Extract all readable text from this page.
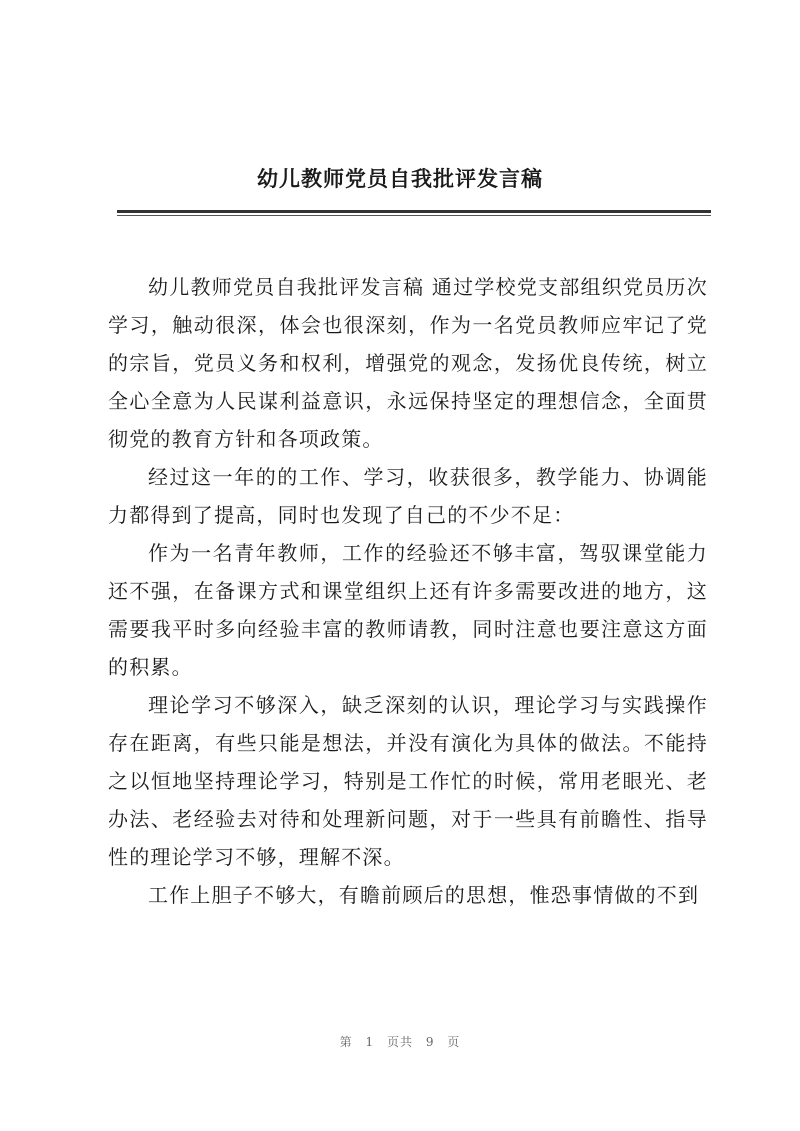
幼儿教师党员自我批评发言稿

幼儿教师党员自我批评发言稿 通过学校党支部组织党员历次学习，触动很深，体会也很深刻，作为一名党员教师应牢记了党的宗旨，党员义务和权利，增强党的观念，发扬优良传统，树立全心全意为人民谋利益意识，永远保持坚定的理想信念，全面贯彻党的教育方针和各项政策。

经过这一年的的工作、学习，收获很多，教学能力、协调能力都得到了提高，同时也发现了自己的不少不足：

作为一名青年教师，工作的经验还不够丰富，驾驭课堂能力还不强，在备课方式和课堂组织上还有许多需要改进的地方，这需要我平时多向经验丰富的教师请教，同时注意也要注意这方面的积累。

理论学习不够深入，缺乏深刻的认识，理论学习与实践操作存在距离，有些只能是想法，并没有演化为具体的做法。不能持之以恒地坚持理论学习，特别是工作忙的时候，常用老眼光、老办法、老经验去对待和处理新问题，对于一些具有前瞻性、指导性的理论学习不够，理解不深。

工作上胆子不够大，有瞻前顾后的思想，惟恐事情做的不到

第 1 页共 9 页
